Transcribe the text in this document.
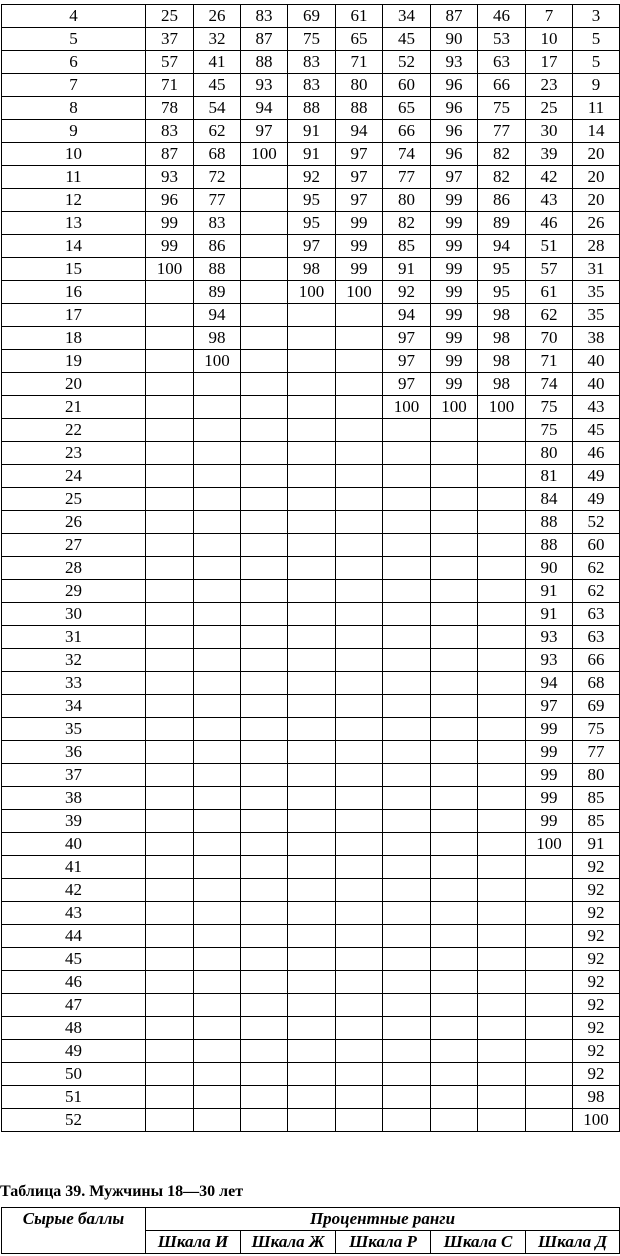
4	25	26	83	69	61	34	87	46	7	3
5	37	32	87	75	65	45	90	53	10	5
6	57	41	88	83	71	52	93	63	17	5
7	71	45	93	83	80	60	96	66	23	9
8	78	54	94	88	88	65	96	75	25	11
9	83	62	97	91	94	66	96	77	30	14
10	87	68	100	91	97	74	96	82	39	20
11	93	72		92	97	77	97	82	42	20
12	96	77		95	97	80	99	86	43	20
13	99	83		95	99	82	99	89	46	26
14	99	86		97	99	85	99	94	51	28
15	100	88		98	99	91	99	95	57	31
16		89		100	100	92	99	95	61	35
17		94				94	99	98	62	35
18		98				97	99	98	70	38
19		100				97	99	98	71	40
20						97	99	98	74	40
21						100	100	100	75	43
22									75	45
23									80	46
24									81	49
25									84	49
26									88	52
27									88	60
28									90	62
29									91	62
30									91	63
31									93	63
32									93	66
33									94	68
34									97	69
35									99	75
36									99	77
37									99	80
38									99	85
39									99	85
40									100	91
41										92
42										92
43										92
44										92
45										92
46										92
47										92
48										92
49										92
50										92
51										98
52										100
Таблица 39. Мужчины 18—30 лет
Сырые баллы	Процентные ранги				
	Шкала И	Шкала Ж	Шкала Р	Шкала С	Шкала Д
